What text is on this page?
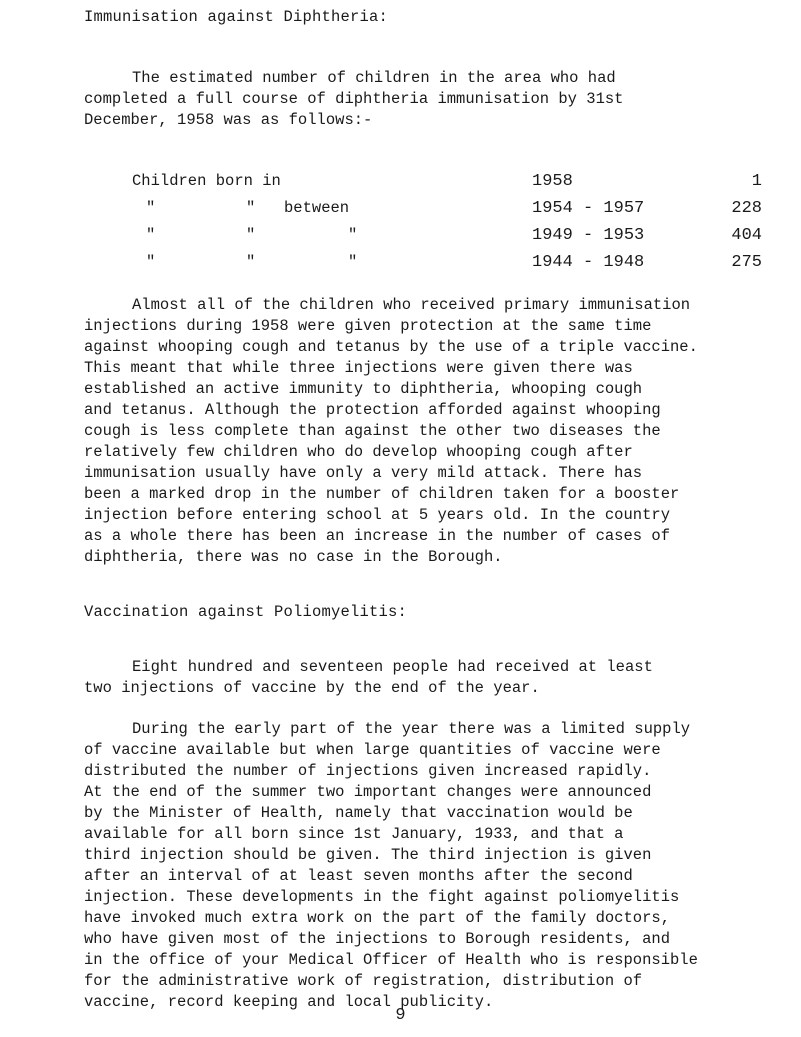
Immunisation against Diphtheria:
The estimated number of children in the area who had
completed a full course of diphtheria immunisation by 31st
December, 1958 was as follows:-
Children born in	1958	1
"	" between	1954 - 1957	228
"	"	"	1949 - 1953	404
"	"	"	1944 - 1948	275
Almost all of the children who received primary immunisation
injections during 1958 were given protection at the same time
against whooping cough and tetanus by the use of a triple vaccine.
This meant that while three injections were given there was
established an active immunity to diphtheria, whooping cough
and tetanus. Although the protection afforded against whooping
cough is less complete than against the other two diseases the
relatively few children who do develop whooping cough after
immunisation usually have only a very mild attack. There has
been a marked drop in the number of children taken for a booster
injection before entering school at 5 years old. In the country
as a whole there has been an increase in the number of cases of
diphtheria, there was no case in the Borough.
Vaccination against Poliomyelitis:
Eight hundred and seventeen people had received at least
two injections of vaccine by the end of the year.
During the early part of the year there was a limited supply
of vaccine available but when large quantities of vaccine were
distributed the number of injections given increased rapidly.
At the end of the summer two important changes were announced
by the Minister of Health, namely that vaccination would be
available for all born since 1st January, 1933, and that a
third injection should be given. The third injection is given
after an interval of at least seven months after the second
injection. These developments in the fight against poliomyelitis
have invoked much extra work on the part of the family doctors,
who have given most of the injections to Borough residents, and
in the office of your Medical Officer of Health who is responsible
for the administrative work of registration, distribution of
vaccine, record keeping and local publicity.
9
